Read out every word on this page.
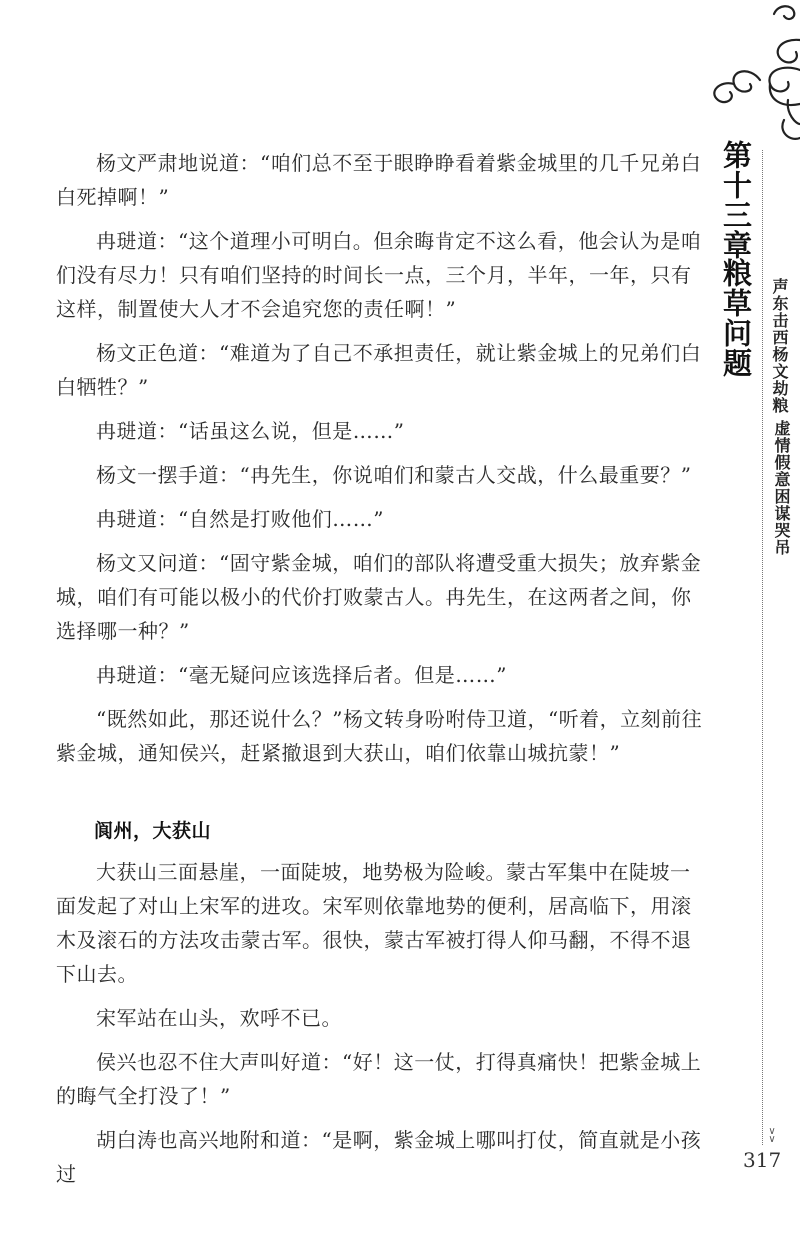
第十三章
粮草问题 声东击西杨文劫粮
虚情假意困谋哭吊
∨
∨
317

杨文严肃地说道：“咱们总不至于眼睁睁看着紫金城里的几千兄弟白白死掉啊！”

冉琎道：“这个道理小可明白。但余晦肯定不这么看，他会认为是咱们没有尽力！只有咱们坚持的时间长一点，三个月，半年，一年，只有这样，制置使大人才不会追究您的责任啊！”

杨文正色道：“难道为了自己不承担责任，就让紫金城上的兄弟们白白牺牲？”

冉琎道：“话虽这么说，但是……”

杨文一摆手道：“冉先生，你说咱们和蒙古人交战，什么最重要？”

冉琎道：“自然是打败他们……”

杨文又问道：“固守紫金城，咱们的部队将遭受重大损失；放弃紫金城，咱们有可能以极小的代价打败蒙古人。冉先生，在这两者之间，你选择哪一种？”

冉琎道：“毫无疑问应该选择后者。但是……”

“既然如此，那还说什么？”杨文转身吩咐侍卫道，“听着，立刻前往紫金城，通知侯兴，赶紧撤退到大获山，咱们依靠山城抗蒙！”

阆州，大获山

大获山三面悬崖，一面陡坡，地势极为险峻。蒙古军集中在陡坡一面发起了对山上宋军的进攻。宋军则依靠地势的便利，居高临下，用滚木及滚石的方法攻击蒙古军。很快，蒙古军被打得人仰马翻，不得不退下山去。

宋军站在山头，欢呼不已。

侯兴也忍不住大声叫好道：“好！这一仗，打得真痛快！把紫金城上的晦气全打没了！”

胡白涛也高兴地附和道：“是啊，紫金城上哪叫打仗，简直就是小孩过
